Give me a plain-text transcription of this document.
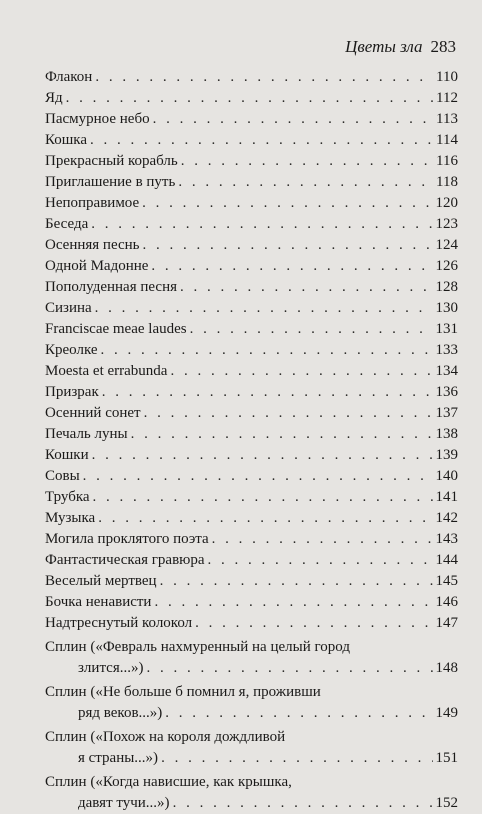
Цветы зла 283
Флакон . . .	110
Яд . . .	112
Пасмурное небо . . .	113
Кошка . . .	114
Прекрасный корабль . . .	116
Приглашение в путь . . .	118
Непоправимое . . .	120
Беседа . . .	123
Осенняя песнь . . .	124
Одной Мадонне . . .	126
Пополуденная песня . . .	128
Сизина . . .	130
Franciscae meae laudes . . .	131
Креолке . . .	133
Moesta et errabunda . . .	134
Призрак . . .	136
Осенний сонет . . .	137
Печаль луны . . .	138
Кошки . . .	139
Совы . . .	140
Трубка . . .	141
Музыка . . .	142
Могила проклятого поэта . . .	143
Фантастическая гравюра . . .	144
Веселый мертвец . . .	145
Бочка ненависти . . .	146
Надтреснутый колокол . . .	147
Сплин («Февраль нахмуренный на целый город
злится...») . . .	148
Сплин («Не больше б помнил я, проживши
ряд веков...») . . .	149
Сплин («Похож на короля дождливой
я страны...») . . .	151
Сплин («Когда нависшие, как крышка,
давят тучи...») . . .	152
